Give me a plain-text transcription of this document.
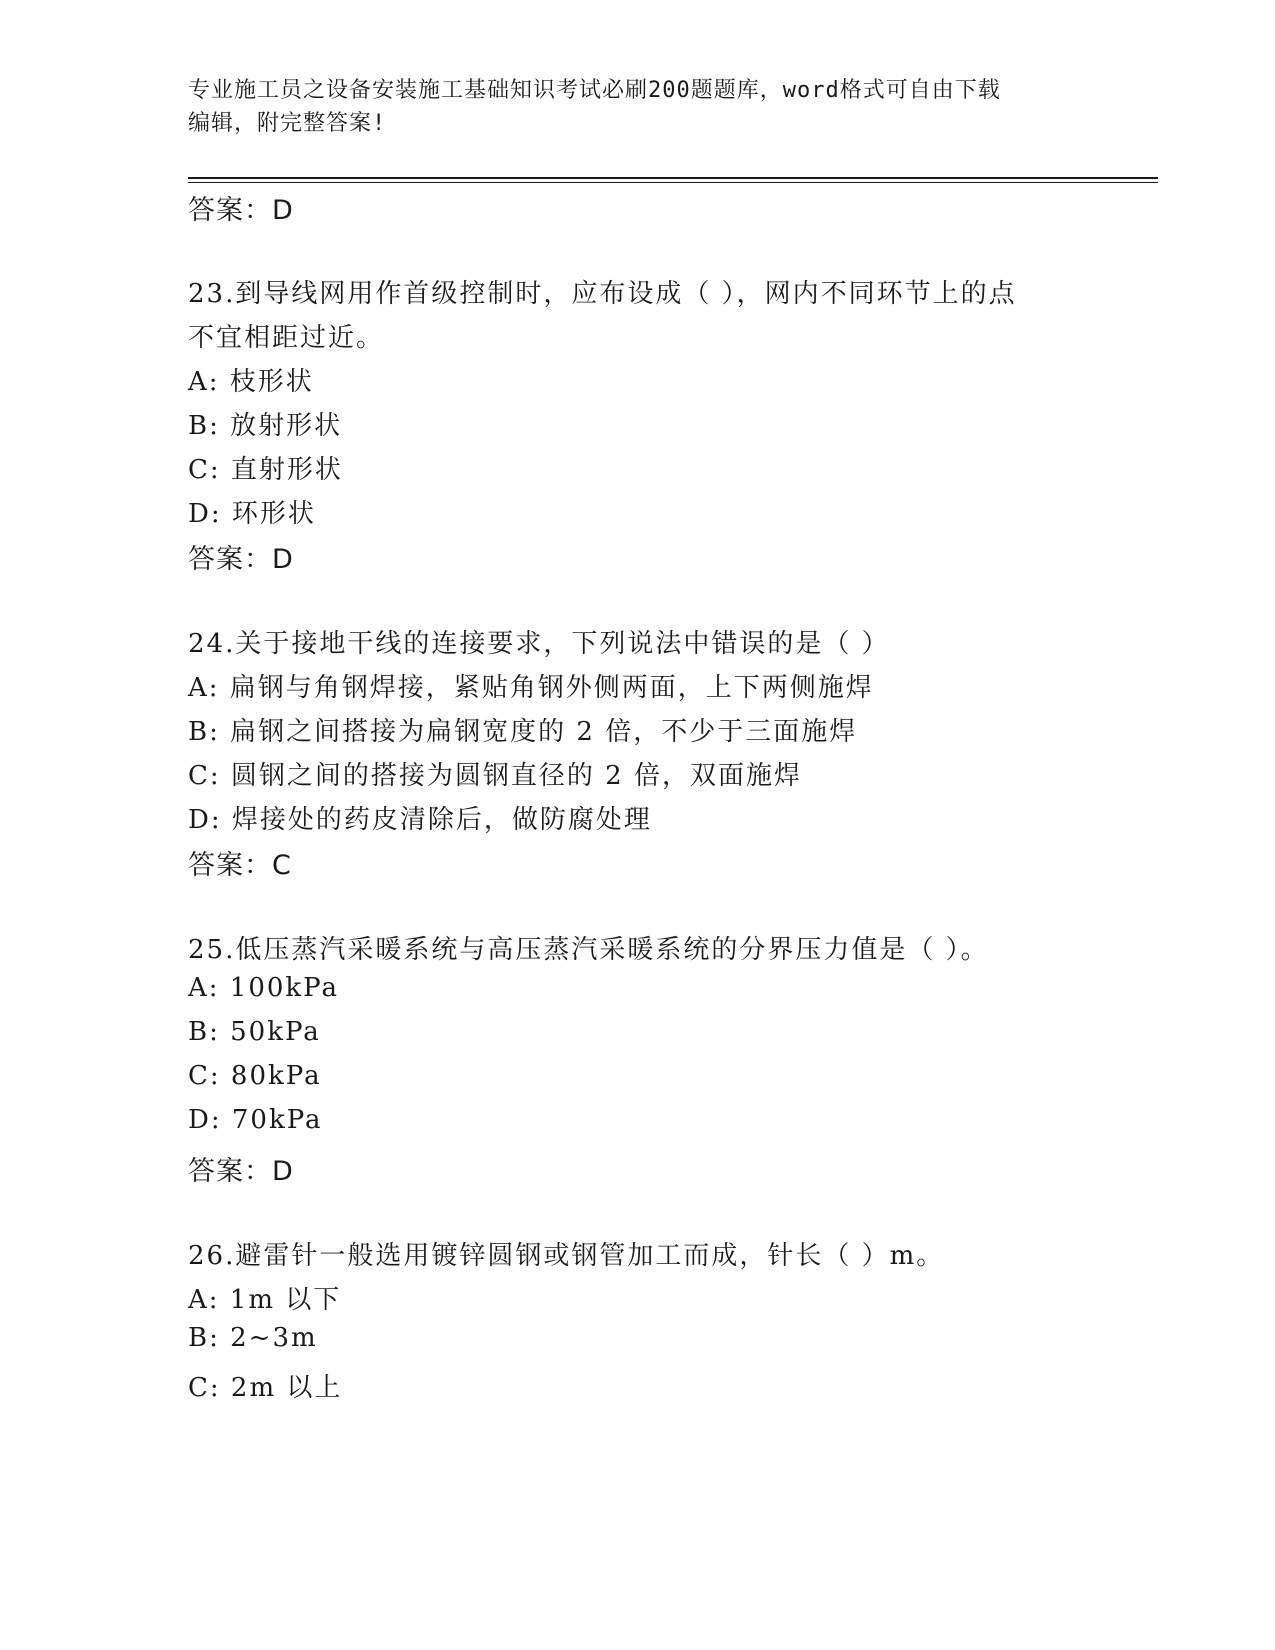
专业施工员之设备安装施工基础知识考试必刷200题题库，word格式可自由下载
编辑，附完整答案!
答案：D
23.到导线网用作首级控制时，应布设成（ ），网内不同环节上的点
不宜相距过近。
A: 枝形状
B: 放射形状
C: 直射形状
D: 环形状
答案：D
24.关于接地干线的连接要求，下列说法中错误的是（ ）
A: 扁钢与角钢焊接，紧贴角钢外侧两面，上下两侧施焊
B: 扁钢之间搭接为扁钢宽度的 2 倍，不少于三面施焊
C: 圆钢之间的搭接为圆钢直径的 2 倍，双面施焊
D: 焊接处的药皮清除后，做防腐处理
答案：C
25.低压蒸汽采暖系统与高压蒸汽采暖系统的分界压力值是（ ）。
A: 100kPa
B: 50kPa
C: 80kPa
D: 70kPa
答案：D
26.避雷针一般选用镀锌圆钢或钢管加工而成，针长（ ）m。
A: 1m 以下
B: 2~3m
C: 2m 以上
